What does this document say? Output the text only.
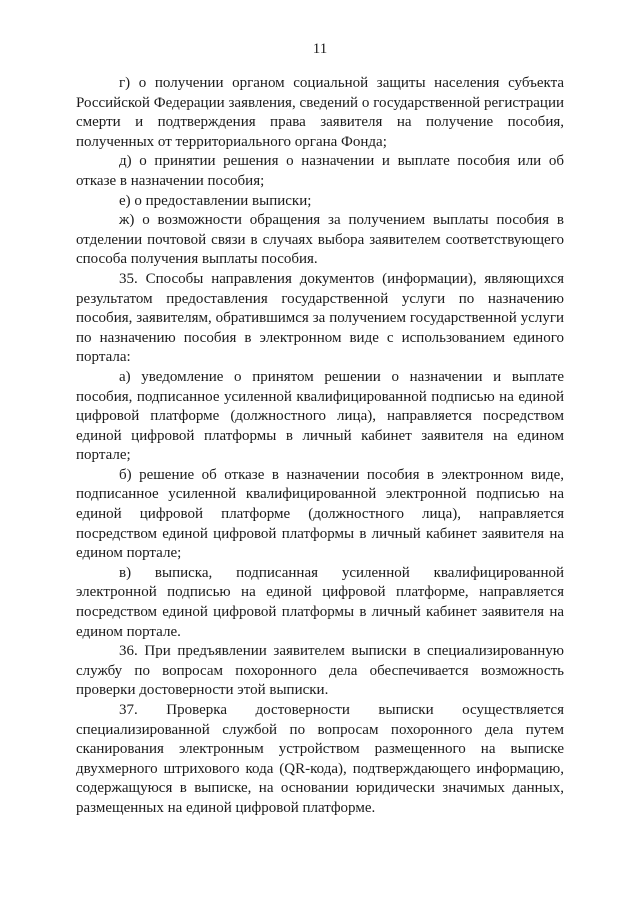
11

г) о получении органом социальной защиты населения субъекта Российской Федерации заявления, сведений о государственной регистрации смерти и подтверждения права заявителя на получение пособия, полученных от территориального органа Фонда;

д) о принятии решения о назначении и выплате пособия или об отказе в назначении пособия;

е) о предоставлении выписки;

ж) о возможности обращения за получением выплаты пособия в отделении почтовой связи в случаях выбора заявителем соответствующего способа получения выплаты пособия.

35. Способы направления документов (информации), являющихся результатом предоставления государственной услуги по назначению пособия, заявителям, обратившимся за получением государственной услуги по назначению пособия в электронном виде с использованием единого портала:

а) уведомление о принятом решении о назначении и выплате пособия, подписанное усиленной квалифицированной подписью на единой цифровой платформе (должностного лица), направляется посредством единой цифровой платформы в личный кабинет заявителя на едином портале;

б) решение об отказе в назначении пособия в электронном виде, подписанное усиленной квалифицированной электронной подписью на единой цифровой платформе (должностного лица), направляется посредством единой цифровой платформы в личный кабинет заявителя на едином портале;

в) выписка, подписанная усиленной квалифицированной электронной подписью на единой цифровой платформе, направляется посредством единой цифровой платформы в личный кабинет заявителя на едином портале.

36. При предъявлении заявителем выписки в специализированную службу по вопросам похоронного дела обеспечивается возможность проверки достоверности этой выписки.

37. Проверка достоверности выписки осуществляется специализированной службой по вопросам похоронного дела путем сканирования электронным устройством размещенного на выписке двухмерного штрихового кода (QR-кода), подтверждающего информацию, содержащуюся в выписке, на основании юридически значимых данных, размещенных на единой цифровой платформе.
